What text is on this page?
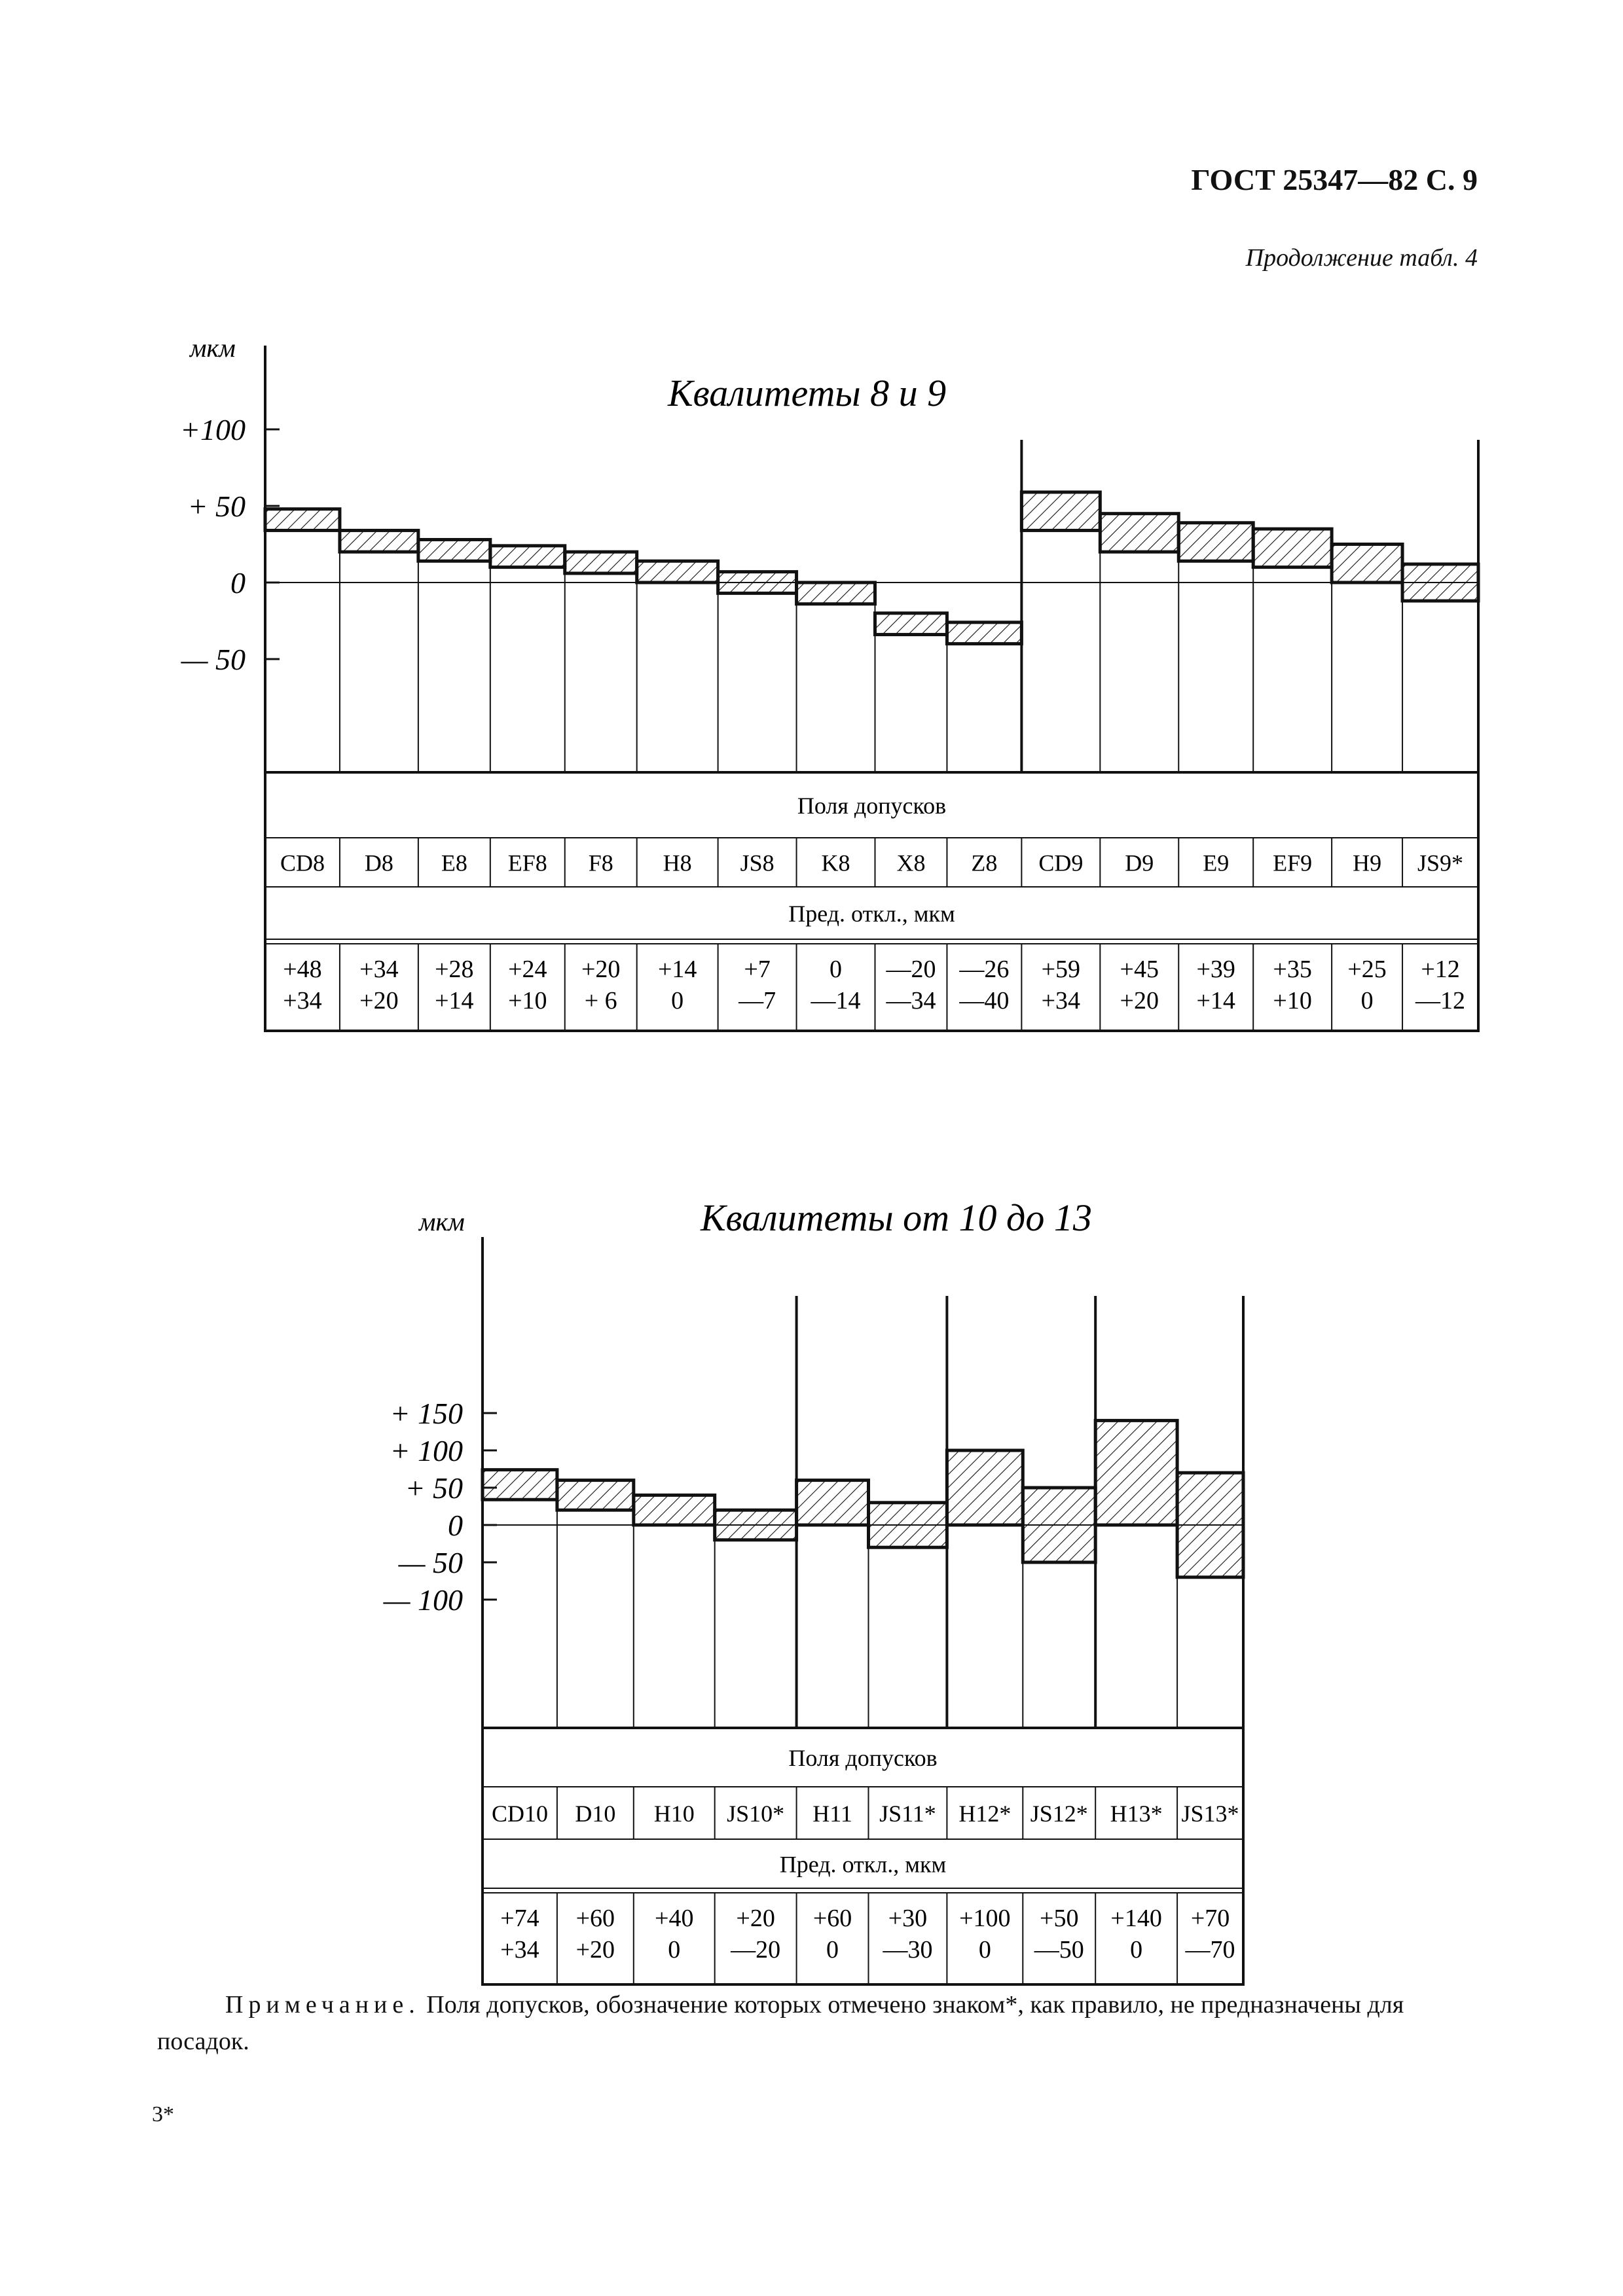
ГОСТ 25347—82 С. 9
Продолжение табл. 4
+100
+ 50
0
— 50
мкм
Квалитеты 8 и 9
Поля допусков
Пред. откл., мкм
CD8
+48
+34
D8
+34
+20
E8
+28
+14
EF8
+24
+10
F8
+20
+ 6
H8
+14
0
JS8
+7
—7
K8
0
—14
X8
—20
—34
Z8
—26
—40
CD9
+59
+34
D9
+45
+20
E9
+39
+14
EF9
+35
+10
H9
+25
0
JS9*
+12
—12
+ 150
+ 100
+ 50
0
— 50
— 100
мкм	Квалитеты от 10 до 13
Поля допусков
Пред. откл., мкм
CD10
+74
+34
D10
+60
+20
H10
+40
0
JS10*
+20
—20
H11
+60
0
JS11*
+30
—30
H12*
+100
0
JS12*
+50
—50
H13*
+140
0
JS13*
+70
—70
Примечание. Поля допусков, обозначение которых отмечено знаком*, как правило, не предназначены для посадок.
3*
